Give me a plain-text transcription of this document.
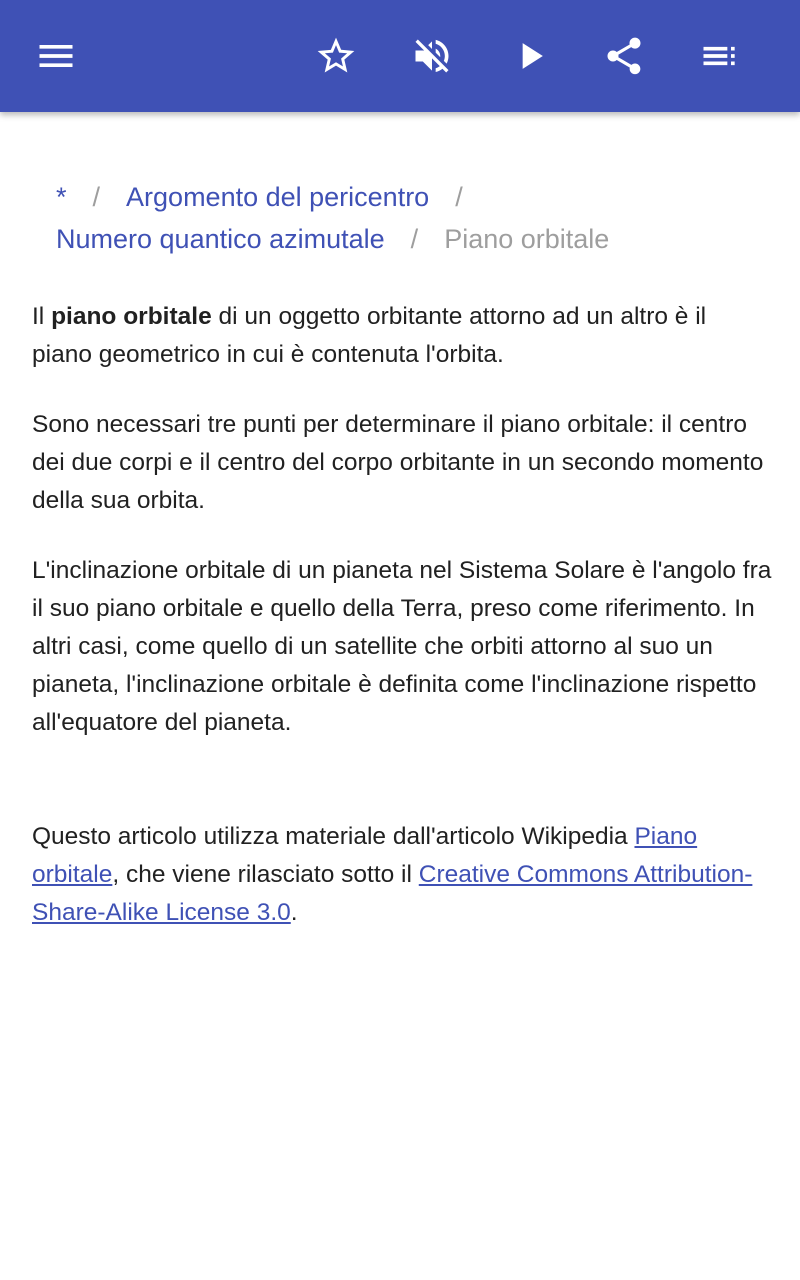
* / Argomento del pericentro /
Numero quantico azimutale / Piano orbitale

Il piano orbitale di un oggetto orbitante attorno ad un altro è il piano geometrico in cui è contenuta l'orbita.

Sono necessari tre punti per determinare il piano orbitale: il centro dei due corpi e il centro del corpo orbitante in un secondo momento della sua orbita.

L'inclinazione orbitale di un pianeta nel Sistema Solare è l'angolo fra il suo piano orbitale e quello della Terra, preso come riferimento. In altri casi, come quello di un satellite che orbiti attorno al suo un pianeta, l'inclinazione orbitale è definita come l'inclinazione rispetto all'equatore del pianeta.

Questo articolo utilizza materiale dall'articolo Wikipedia Piano orbitale, che viene rilasciato sotto il Creative Commons Attribution-Share-Alike License 3.0.
